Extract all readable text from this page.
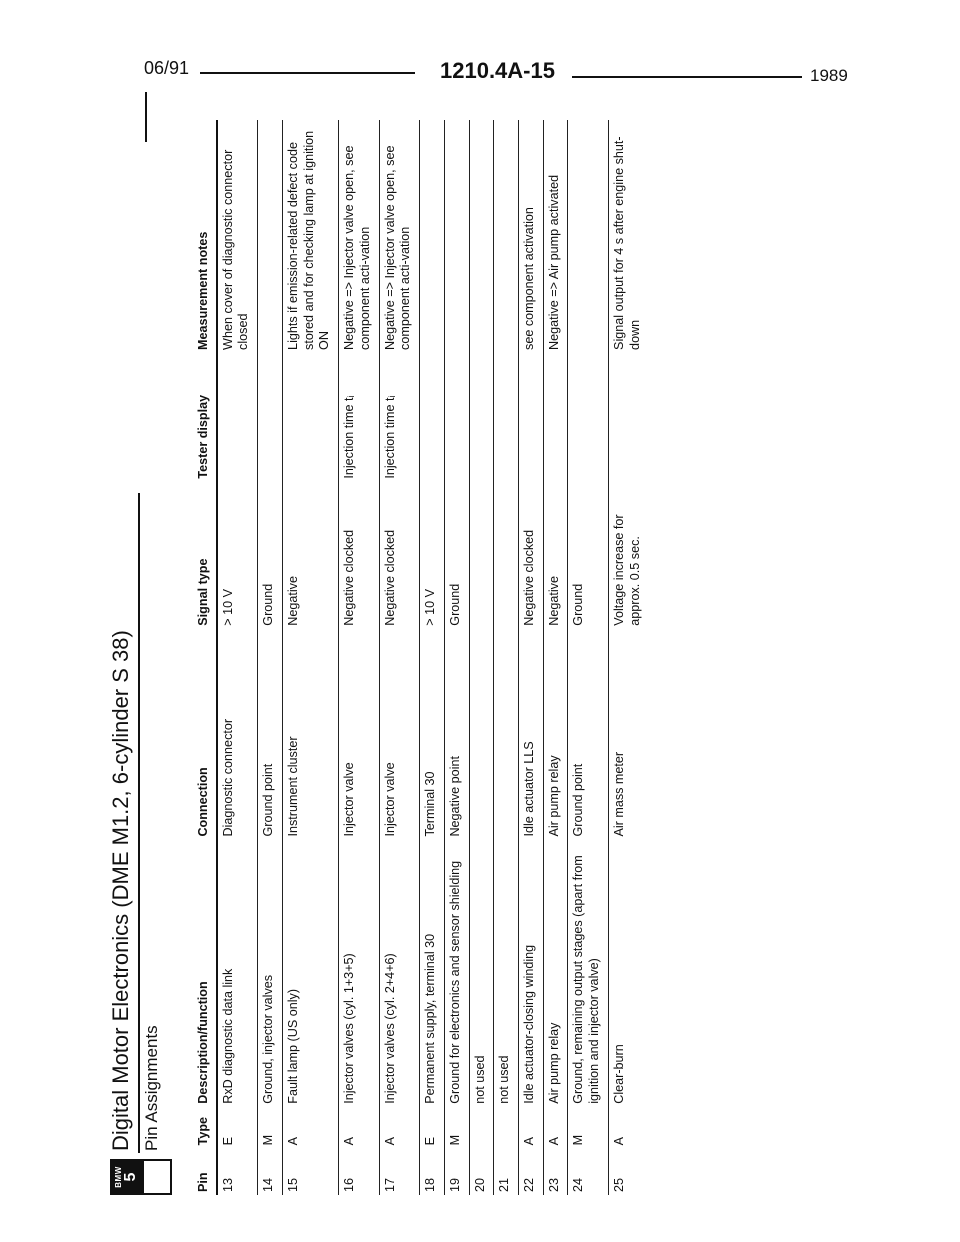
06/91	1210.4A-15	1989
BMW 5
Digital Motor Electronics (DME M1.2, 6-cylinder S 38) Pin Assignments
Pin	Type	Description/function	Connection	Signal type	Tester display	Measurement notes
13	E	RxD diagnostic data link	Diagnostic connector	> 10 V		When cover of diagnostic connector closed
14	M	Ground, injector valves	Ground point	Ground		
15	A	Fault lamp (US only)	Instrument cluster	Negative		Lights if emission-related defect code stored and for checking lamp at ignition ON
16	A	Injector valves (cyl. 1+3+5)	Injector valve	Negative clocked	Injection time tᵢ	Negative => Injector valve open, see component acti-vation
17	A	Injector valves (cyl. 2+4+6)	Injector valve	Negative clocked	Injection time tᵢ	Negative => Injector valve open, see component acti-vation
18	E	Permanent supply, terminal 30	Terminal 30	> 10 V		
19	M	Ground for electronics and sensor shielding	Negative point	Ground		
20		not used				
21		not used				
22	A	Idle actuator-closing winding	Idle actuator LLS	Negative clocked		see component activation
23	A	Air pump relay	Air pump relay	Negative		Negative => Air pump activated
24	M	Ground, remaining output stages (apart from ignition and injector valve)	Ground point	Ground		
25	A	Clear-burn	Air mass meter	Voltage increase for approx. 0.5 sec.		Signal output for 4 s after engine shut-down
